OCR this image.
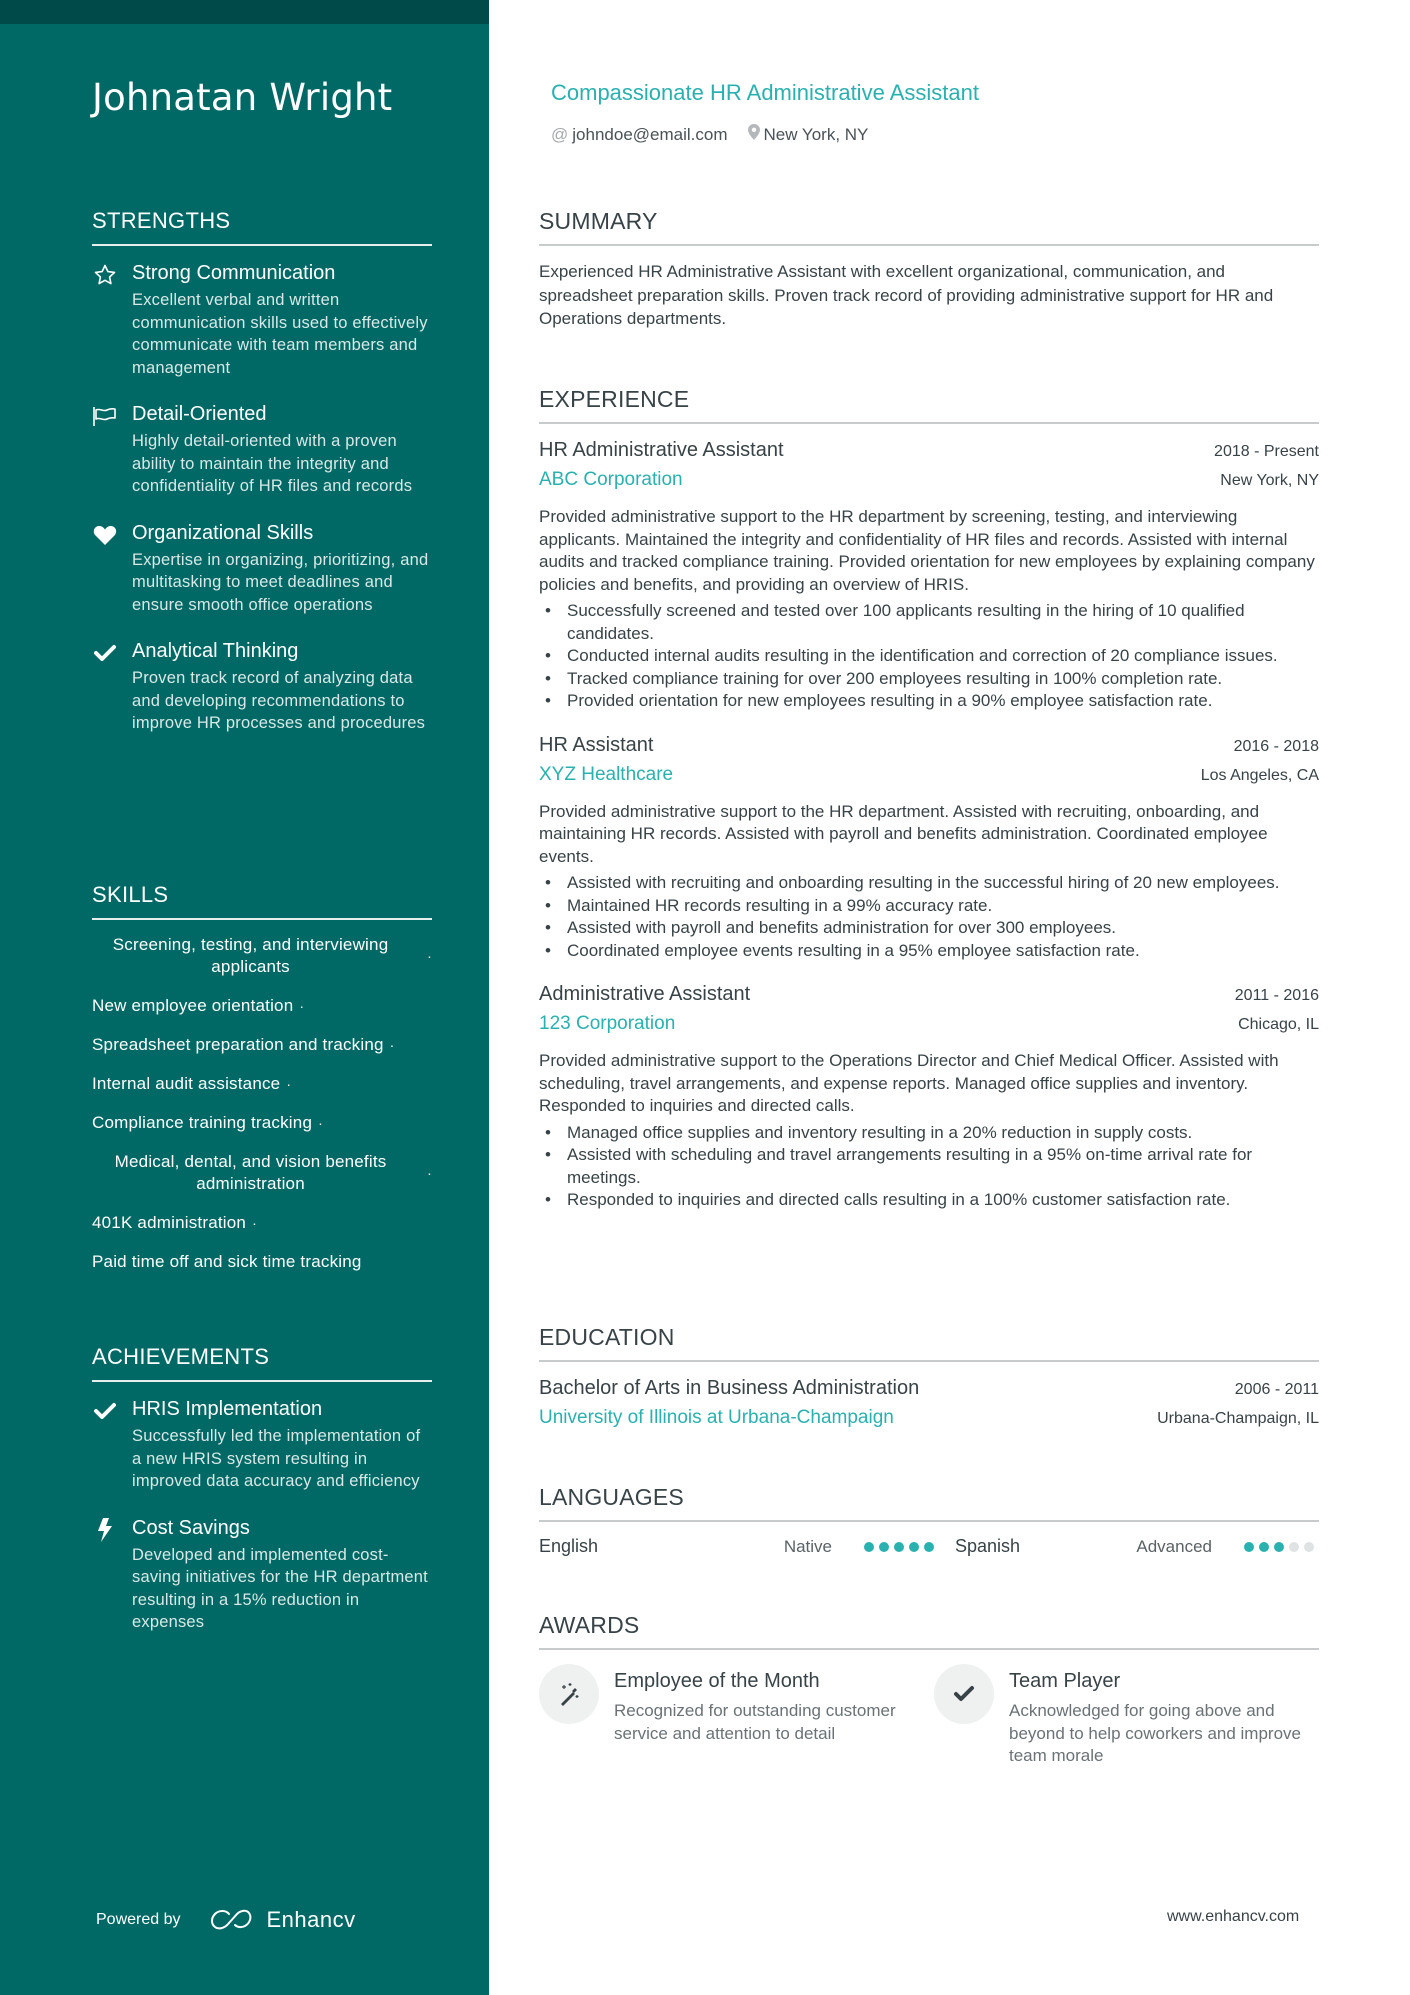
Johnatan Wright
STRENGTHS
Strong Communication
Excellent verbal and written communication skills used to effectively communicate with team members and management
Detail-Oriented
Highly detail-oriented with a proven ability to maintain the integrity and confidentiality of HR files and records
Organizational Skills
Expertise in organizing, prioritizing, and multitasking to meet deadlines and ensure smooth office operations
Analytical Thinking
Proven track record of analyzing data and developing recommendations to improve HR processes and procedures
SKILLS
Screening, testing, and interviewing applicants
·
New employee orientation ·
Spreadsheet preparation and tracking ·
Internal audit assistance ·
Compliance training tracking ·
Medical, dental, and vision benefits administration
·
401K administration ·
Paid time off and sick time tracking
ACHIEVEMENTS
HRIS Implementation
Successfully led the implementation of a new HRIS system resulting in improved data accuracy and efficiency
Cost Savings
Developed and implemented cost-saving initiatives for the HR department resulting in a 15% reduction in expenses
Powered by	Enhancv
Compassionate HR Administrative Assistant
@ johndoe@email.com New York, NY
SUMMARY
Experienced HR Administrative Assistant with excellent organizational, communication, and spreadsheet preparation skills. Proven track record of providing administrative support for HR and Operations departments.
EXPERIENCE
HR Administrative Assistant	2018 - Present
ABC Corporation	New York, NY
Provided administrative support to the HR department by screening, testing, and interviewing applicants. Maintained the integrity and confidentiality of HR files and records. Assisted with internal audits and tracked compliance training. Provided orientation for new employees by explaining company policies and benefits, and providing an overview of HRIS.
• Successfully screened and tested over 100 applicants resulting in the hiring of 10 qualified candidates.
• Conducted internal audits resulting in the identification and correction of 20 compliance issues.
• Tracked compliance training for over 200 employees resulting in 100% completion rate.
• Provided orientation for new employees resulting in a 90% employee satisfaction rate.
HR Assistant	2016 - 2018
XYZ Healthcare	Los Angeles, CA
Provided administrative support to the HR department. Assisted with recruiting, onboarding, and maintaining HR records. Assisted with payroll and benefits administration. Coordinated employee events.
• Assisted with recruiting and onboarding resulting in the successful hiring of 20 new employees.
• Maintained HR records resulting in a 99% accuracy rate.
• Assisted with payroll and benefits administration for over 300 employees.
• Coordinated employee events resulting in a 95% employee satisfaction rate.
Administrative Assistant	2011 - 2016
123 Corporation	Chicago, IL
Provided administrative support to the Operations Director and Chief Medical Officer. Assisted with scheduling, travel arrangements, and expense reports. Managed office supplies and inventory. Responded to inquiries and directed calls.
• Managed office supplies and inventory resulting in a 20% reduction in supply costs.
• Assisted with scheduling and travel arrangements resulting in a 95% on-time arrival rate for meetings.
• Responded to inquiries and directed calls resulting in a 100% customer satisfaction rate.
EDUCATION
Bachelor of Arts in Business Administration	2006 - 2011
University of Illinois at Urbana-Champaign	Urbana-Champaign, IL
LANGUAGES
English	Native	Spanish	Advanced
AWARDS
Employee of the Month
Recognized for outstanding customer service and attention to detail
Team Player
Acknowledged for going above and beyond to help coworkers and improve team morale
www.enhancv.com
